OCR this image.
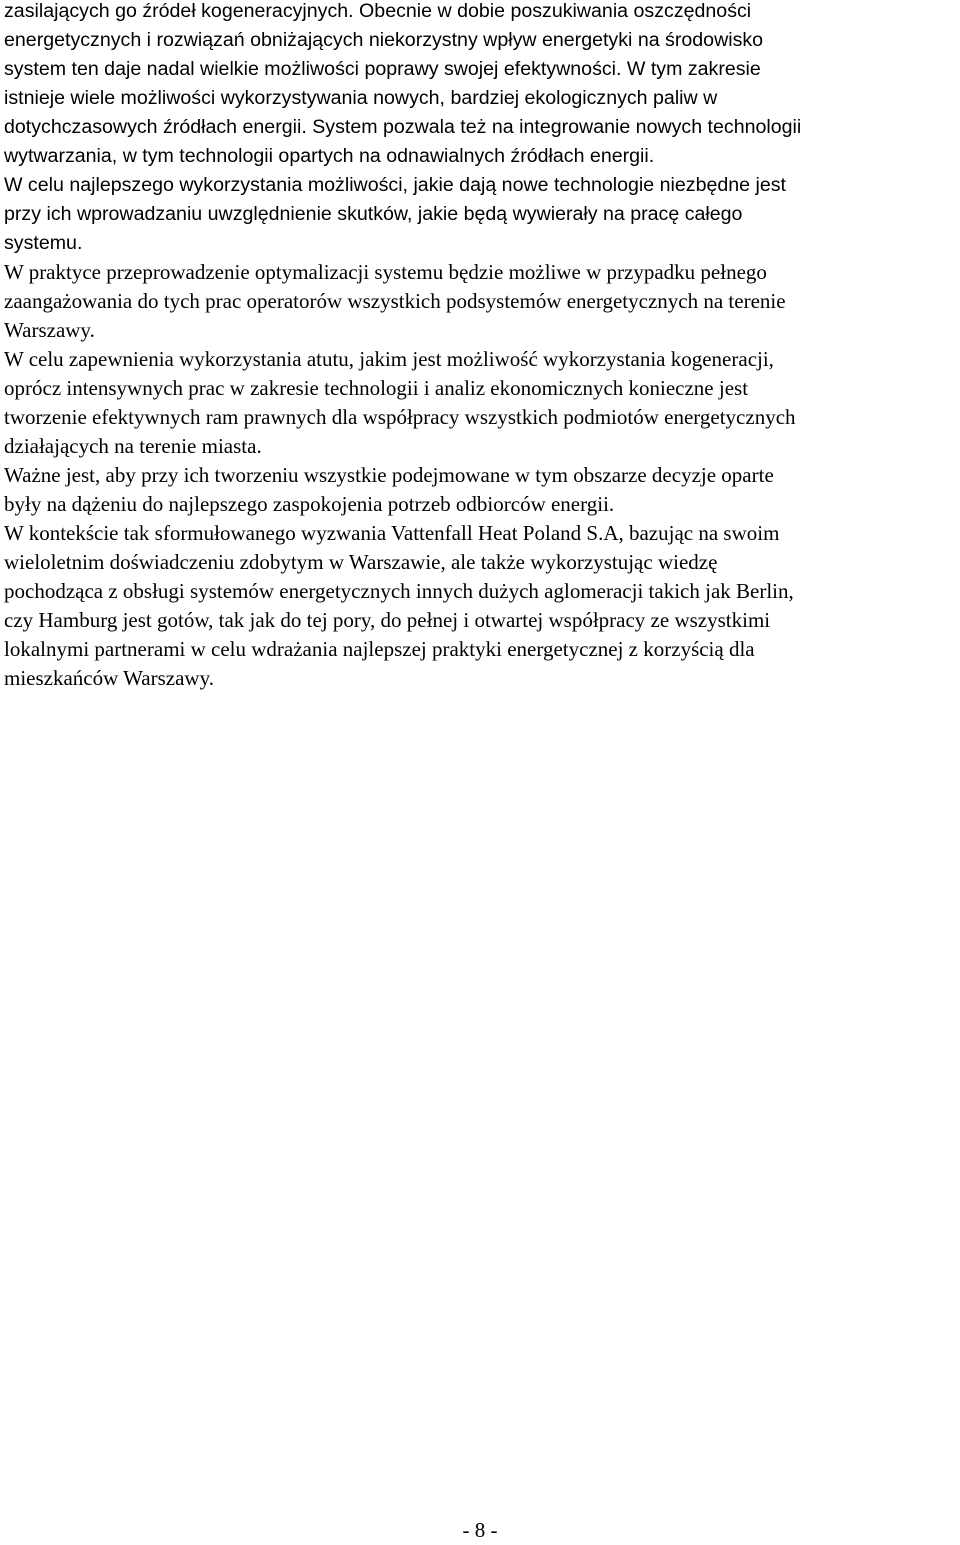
zasilających go źródeł kogeneracyjnych. Obecnie w dobie poszukiwania oszczędności
energetycznych i rozwiązań obniżających niekorzystny wpływ energetyki na środowisko
system ten daje nadal wielkie możliwości poprawy swojej efektywności. W tym zakresie
istnieje wiele możliwości wykorzystywania nowych, bardziej ekologicznych paliw w
dotychczasowych źródłach energii. System pozwala też na integrowanie nowych technologii
wytwarzania, w tym technologii opartych na odnawialnych źródłach energii.
W celu najlepszego wykorzystania możliwości, jakie dają nowe technologie niezbędne jest
przy ich wprowadzaniu uwzględnienie skutków, jakie będą wywierały na pracę całego
systemu.
W praktyce przeprowadzenie optymalizacji systemu będzie możliwe w przypadku pełnego
zaangażowania do tych prac operatorów wszystkich podsystemów energetycznych na terenie
Warszawy.
W celu zapewnienia wykorzystania atutu, jakim jest możliwość wykorzystania kogeneracji,
oprócz intensywnych prac w zakresie technologii i analiz ekonomicznych konieczne jest
tworzenie efektywnych ram prawnych dla współpracy wszystkich podmiotów energetycznych
działających na terenie miasta.
Ważne jest, aby przy ich tworzeniu wszystkie podejmowane w tym obszarze decyzje oparte
były na dążeniu do najlepszego zaspokojenia potrzeb odbiorców energii.
W kontekście tak sformułowanego wyzwania Vattenfall Heat Poland S.A, bazując na swoim
wieloletnim doświadczeniu zdobytym w Warszawie, ale także wykorzystując wiedzę
pochodząca z obsługi systemów energetycznych innych dużych aglomeracji takich jak Berlin,
czy Hamburg jest gotów, tak jak do tej pory, do pełnej i otwartej współpracy ze wszystkimi
lokalnymi partnerami w celu wdrażania najlepszej praktyki energetycznej z korzyścią dla
mieszkańców Warszawy.
- 8 -
